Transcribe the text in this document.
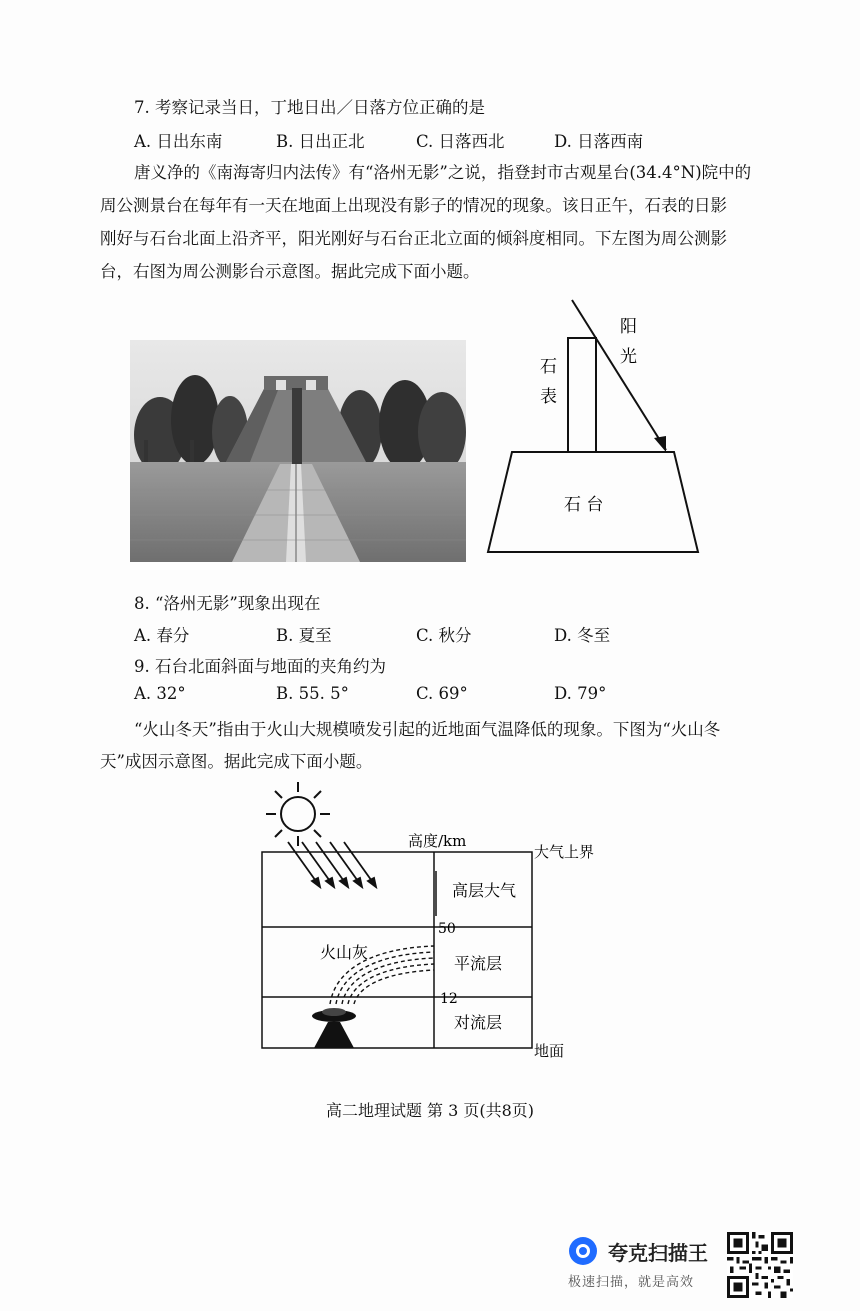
7. 考察记录当日，丁地日出／日落方位正确的是
A. 日出东南	B. 日出正北	C. 日落西北	D. 日落西南
唐义净的《南海寄归内法传》有“洛州无影”之说，指登封市古观星台(34.4°N)院中的
周公测景台在每年有一天在地面上出现没有影子的情况的现象。该日正午，石表的日影
刚好与石台北面上沿齐平，阳光刚好与石台正北立面的倾斜度相同。下左图为周公测影
台，右图为周公测影台示意图。据此完成下面小题。
阳
光
石
表
石 台
8. “洛州无影”现象出现在
A. 春分	B. 夏至	C. 秋分	D. 冬至
9. 石台北面斜面与地面的夹角约为
A. 32°	B. 55. 5°	C. 69°	D. 79°
“火山冬天”指由于火山大规模喷发引起的近地面气温降低的现象。下图为“火山冬
天”成因示意图。据此完成下面小题。
高度/km
大气上界
高层大气
50
平流层
火山灰
12
对流层
地面
高二地理试题 第 3 页(共8页)
夸克扫描王
极速扫描，就是高效
